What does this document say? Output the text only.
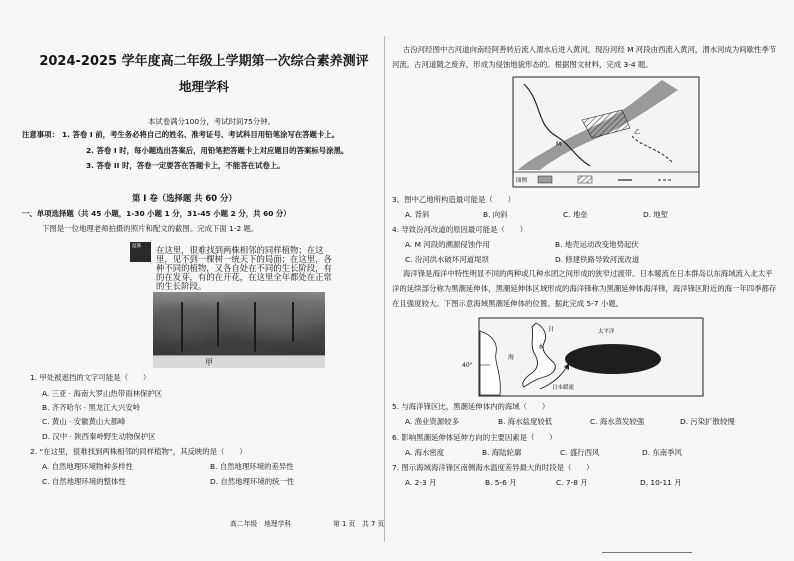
2024-2025 学年度高二年级上学期第一次综合素养测评
地理学科
本试卷满分100分，考试时间75分钟。
注意事项： 1. 答卷 I 前，考生务必将自己的姓名、准考证号、考试科目用铅笔涂写在答题卡上。
2. 答卷 I 时，每小题选出答案后，用铅笔把答题卡上对应题目的答案标号涂黑。
3. 答卷 II 时，答卷一定要答在答题卡上，不能答在试卷上。
第 I 卷（选择题 共 60 分）
一、单项选择题（共 45 小题，1-30 小题 1 分，31-45 小题 2 分，共 60 分）
下图是一位地理老师拍摄的照片和配文的截图。完成下面 1-2 题。
温馨 在这里，很难找到两株相邻的同样植物；在这里，见不到一棵树一统天下的局面；在这里，各种不同的植物，又各自处在不同的生长阶段，有的在发芽，有的在开花，在这里全年都处在正常的生长阶段。
甲
1. 甲处被遮挡的文字可能是（　　）
A. 三亚 · 海南大罗山热带雨林保护区
B. 齐齐哈尔 · 黑龙江大兴安岭
C. 黄山 · 安徽黄山大都峰
D. 汉中 · 陕西秦岭野生动物保护区
2. “在这里，很难找到两株相邻的同样植物”，其反映的是（　　）
A. 自然地理环境物种多样性	B. 自然地理环境的差异性
C. 自然地理环境的整体性	D. 自然地理环境的统一性
高二年级　地理学科	第 1 页　共 7 页
古汾河经图中古河道向南经阿善转后流入渭水后进入黄河，现汾河经 M 河段由西流入黄河，渭水河成为间歇性季节河流。古河道随之废弃，形成为侵蚀地貌形态的。根据图文材料，完成 3-4 题。
M
乙
图例
3。图中乙地所构造最可能是（　　）
A. 背斜	B. 向斜	C. 地垒	D. 地堑
4. 导致汾河改道的原因最可能是（　　）
A. M 河段的溯源侵蚀作用	B. 地壳运动改变地势起伏
C. 汾河洪水破坏河道堤坝	D. 修建铁路导致河流改道
海洋锋是海洋中特性明显不同的两种或几种水团之间形成的狭窄过渡带。日本暖流在日本群岛以东海域流入北太平洋的延续部分称为黑潮延伸体，黑潮延伸体区域形成的海洋锋称为黑潮延伸体海洋锋，海洋锋区附近的海一年四季都存在且强度较大。下图示意海域黑潮延伸体的位置。据此完成 5-7 小题。
太平洋
日
本
海
日本暖流
40°
5. 与海洋锋区比，黑潮延伸体内的海域（　　）
A. 渔业资源较多	B. 海水盐度较低	C. 海水蒸发较强	D. 污染扩散较慢
6. 影响黑潮延伸体延伸方向的主要因素是（　　）
A. 海水密度	B. 海陆轮廓	C. 盛行西风	D. 东南季风
7. 图示海域海洋锋区南侧海水温度差异最大的时段是（　　）
A. 2-3 月	B. 5-6 月	C. 7-8 月	D. 10-11 月
